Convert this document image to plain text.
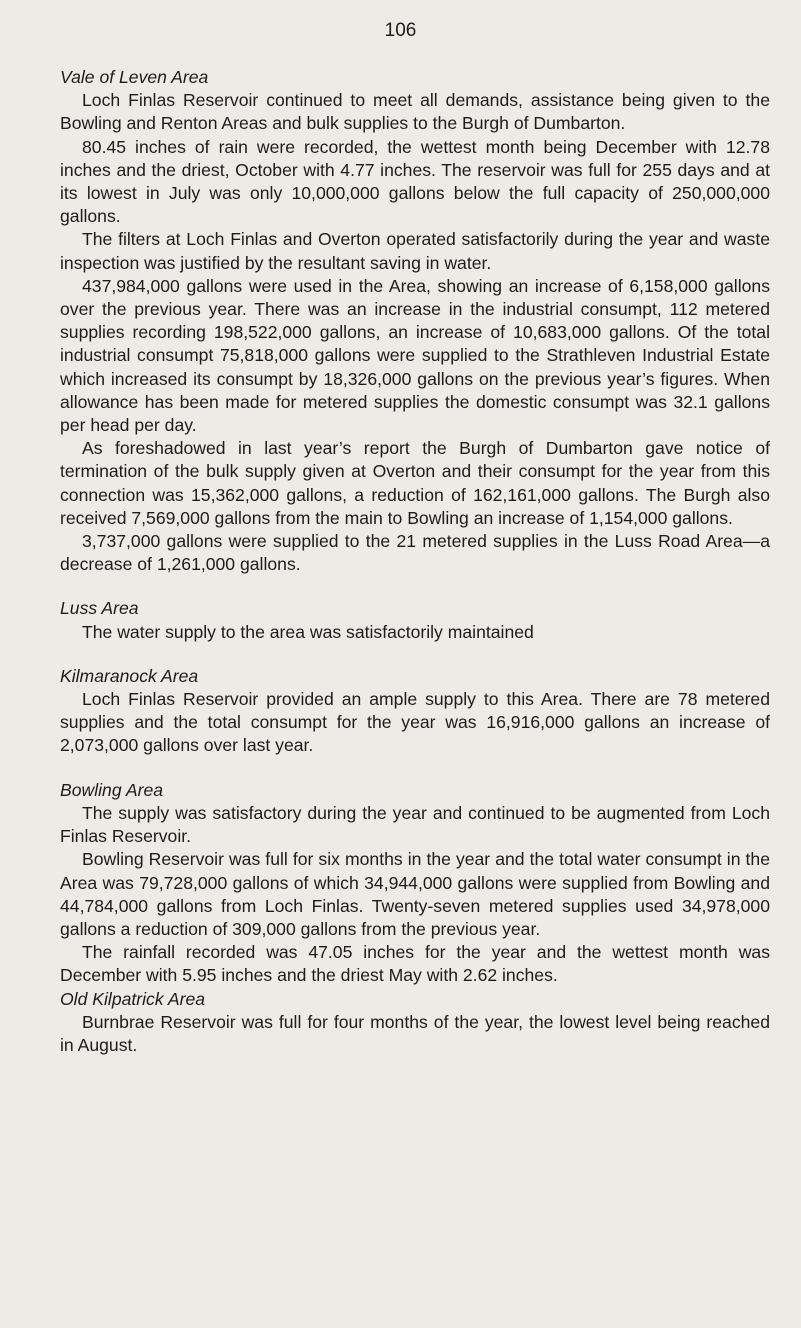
106

Vale of Leven Area

Loch Finlas Reservoir continued to meet all demands, assistance being given to the Bowling and Renton Areas and bulk supplies to the Burgh of Dumbarton.

80.45 inches of rain were recorded, the wettest month being December with 12.78 inches and the driest, October with 4.77 inches. The reservoir was full for 255 days and at its lowest in July was only 10,000,000 gallons below the full capacity of 250,000,000 gallons.

The filters at Loch Finlas and Overton operated satisfactorily during the year and waste inspection was justified by the resultant saving in water.

437,984,000 gallons were used in the Area, showing an increase of 6,158,000 gallons over the previous year. There was an increase in the industrial consumpt, 112 metered supplies recording 198,522,000 gallons, an increase of 10,683,000 gallons. Of the total industrial consumpt 75,818,000 gallons were supplied to the Strathleven Industrial Estate which increased its consumpt by 18,326,000 gallons on the previous year’s figures. When allowance has been made for metered supplies the domestic consumpt was 32.1 gallons per head per day.

As foreshadowed in last year’s report the Burgh of Dumbarton gave notice of termination of the bulk supply given at Overton and their consumpt for the year from this connection was 15,362,000 gallons, a reduction of 162,161,000 gallons. The Burgh also received 7,569,000 gallons from the main to Bowling an increase of 1,154,000 gallons.

3,737,000 gallons were supplied to the 21 metered supplies in the Luss Road Area—a decrease of 1,261,000 gallons.

Luss Area

The water supply to the area was satisfactorily maintained

Kilmaranock Area

Loch Finlas Reservoir provided an ample supply to this Area. There are 78 metered supplies and the total consumpt for the year was 16,916,000 gallons an increase of 2,073,000 gallons over last year.

Bowling Area

The supply was satisfactory during the year and continued to be augmented from Loch Finlas Reservoir.

Bowling Reservoir was full for six months in the year and the total water consumpt in the Area was 79,728,000 gallons of which 34,944,000 gallons were supplied from Bowling and 44,784,000 gallons from Loch Finlas. Twenty-seven metered supplies used 34,978,000 gallons a reduction of 309,000 gallons from the previous year.

The rainfall recorded was 47.05 inches for the year and the wettest month was December with 5.95 inches and the driest May with 2.62 inches.

Old Kilpatrick Area

Burnbrae Reservoir was full for four months of the year, the lowest level being reached in August.
